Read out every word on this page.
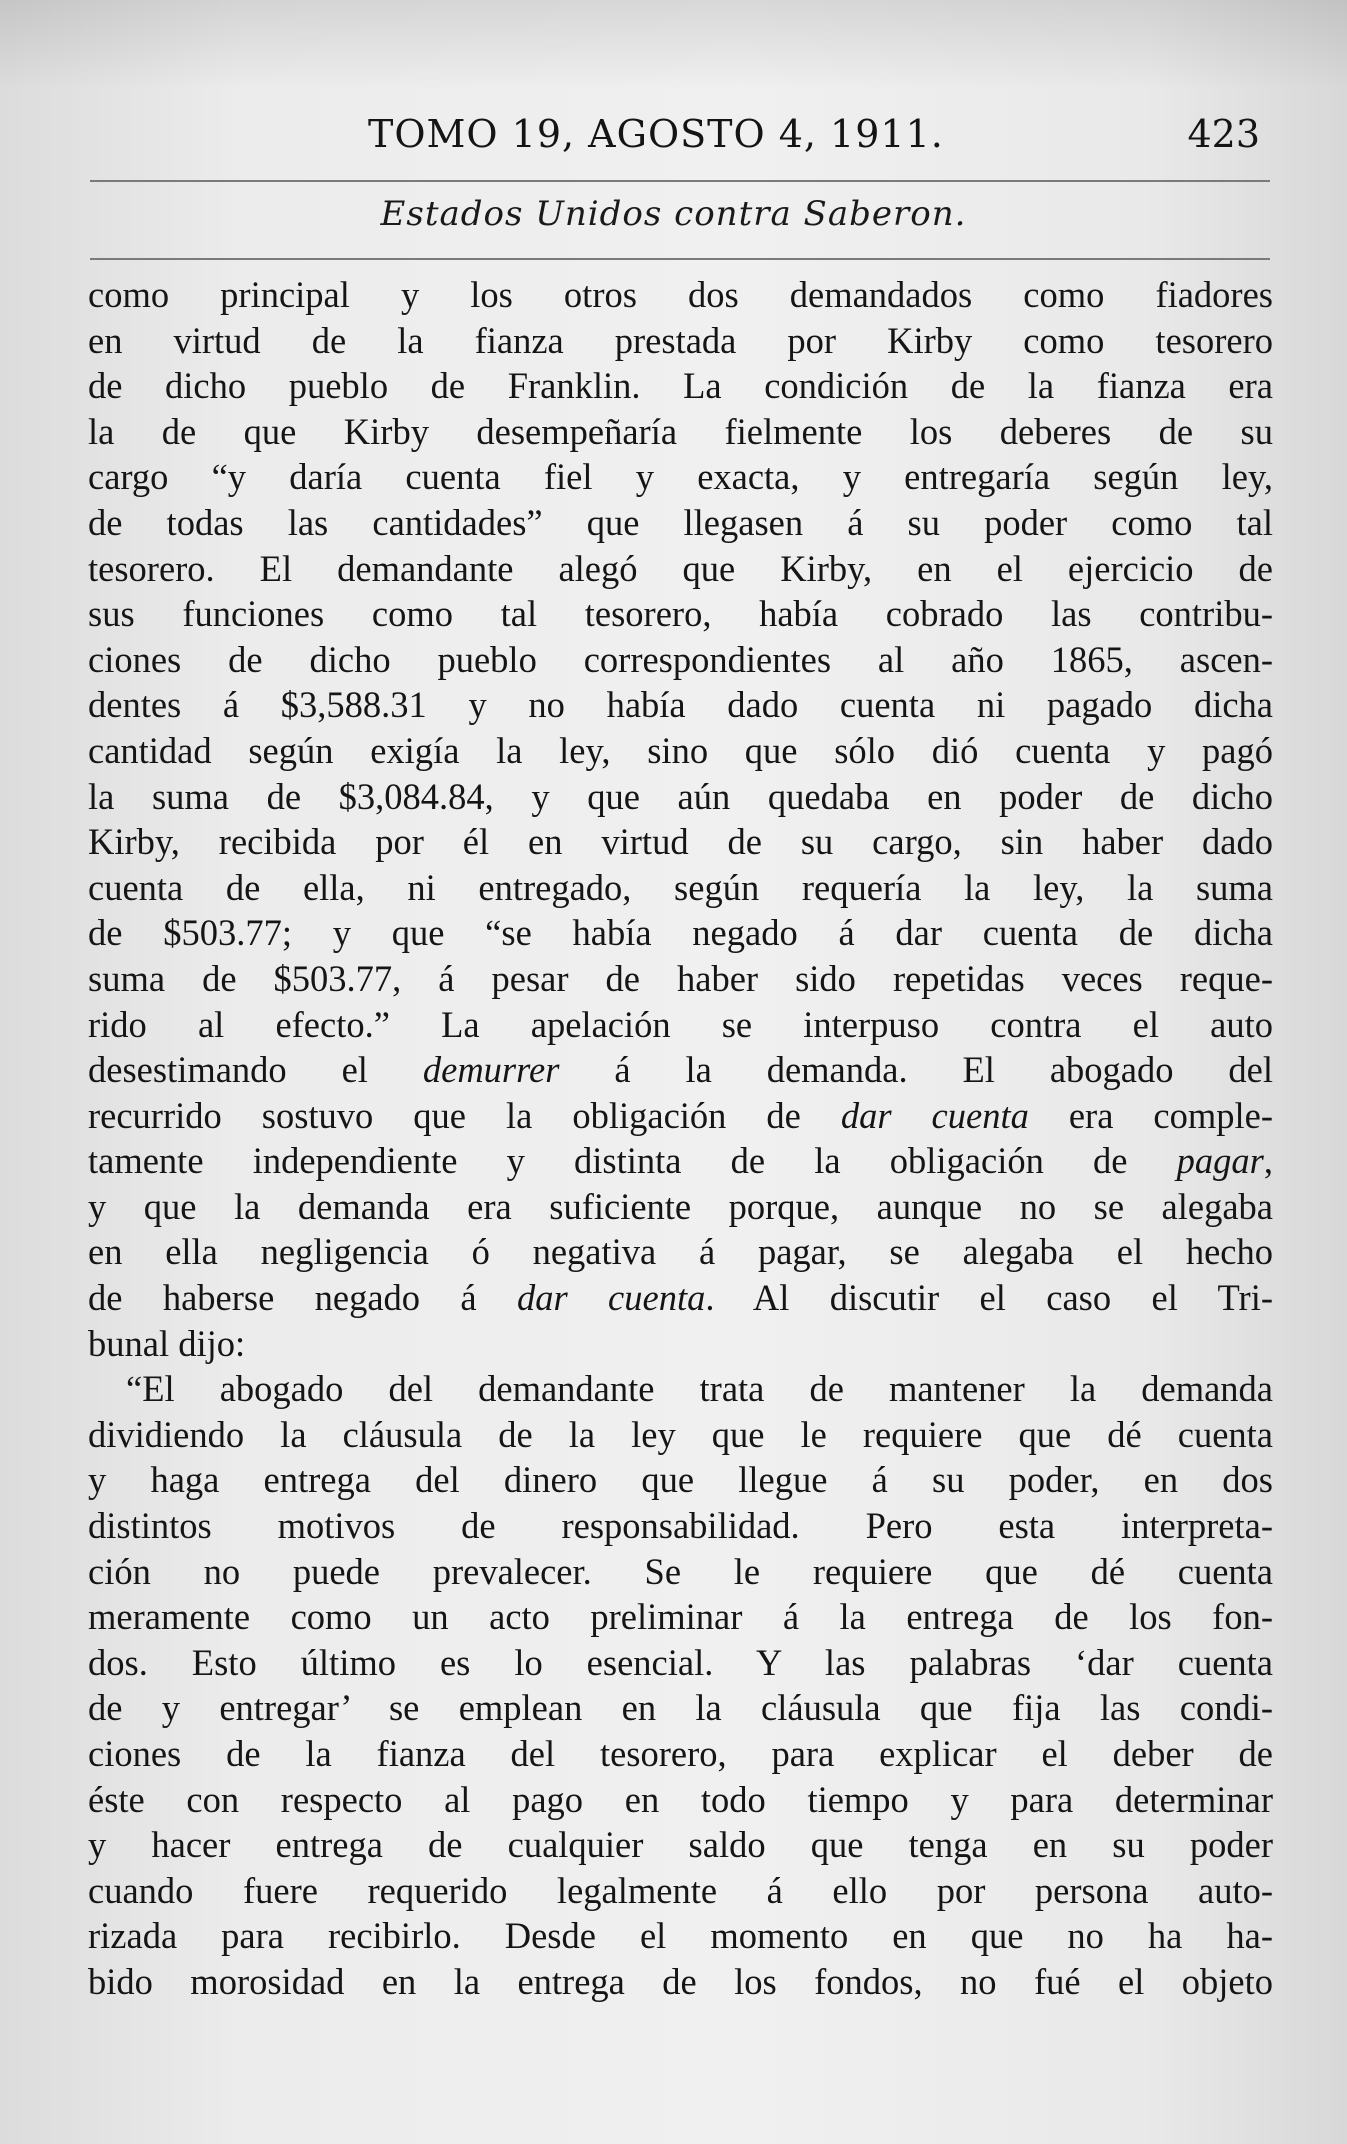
TOMO 19, AGOSTO 4, 1911.	423
Estados Unidos contra Saberon.
como principal y los otros dos demandados como fiadores
en virtud de la fianza prestada por Kirby como tesorero
de dicho pueblo de Franklin. La condición de la fianza era
la de que Kirby desempeñaría fielmente los deberes de su
cargo “y daría cuenta fiel y exacta, y entregaría según ley,
de todas las cantidades” que llegasen á su poder como tal
tesorero. El demandante alegó que Kirby, en el ejercicio de
sus funciones como tal tesorero, había cobrado las contribu-
ciones de dicho pueblo correspondientes al año 1865, ascen-
dentes á $3,588.31 y no había dado cuenta ni pagado dicha
cantidad según exigía la ley, sino que sólo dió cuenta y pagó
la suma de $3,084.84, y que aún quedaba en poder de dicho
Kirby, recibida por él en virtud de su cargo, sin haber dado
cuenta de ella, ni entregado, según requería la ley, la suma
de $503.77; y que “se había negado á dar cuenta de dicha
suma de $503.77, á pesar de haber sido repetidas veces reque-
rido al efecto.” La apelación se interpuso contra el auto
desestimando el demurrer á la demanda. El abogado del
recurrido sostuvo que la obligación de dar cuenta era comple-
tamente independiente y distinta de la obligación de pagar,
y que la demanda era suficiente porque, aunque no se alegaba
en ella negligencia ó negativa á pagar, se alegaba el hecho
de haberse negado á dar cuenta. Al discutir el caso el Tri-
bunal dijo:
“El abogado del demandante trata de mantener la demanda
dividiendo la cláusula de la ley que le requiere que dé cuenta
y haga entrega del dinero que llegue á su poder, en dos
distintos motivos de responsabilidad. Pero esta interpreta-
ción no puede prevalecer. Se le requiere que dé cuenta
meramente como un acto preliminar á la entrega de los fon-
dos. Esto último es lo esencial. Y las palabras ‘dar cuenta
de y entregar’ se emplean en la cláusula que fija las condi-
ciones de la fianza del tesorero, para explicar el deber de
éste con respecto al pago en todo tiempo y para determinar
y hacer entrega de cualquier saldo que tenga en su poder
cuando fuere requerido legalmente á ello por persona auto-
rizada para recibirlo. Desde el momento en que no ha ha-
bido morosidad en la entrega de los fondos, no fué el objeto
